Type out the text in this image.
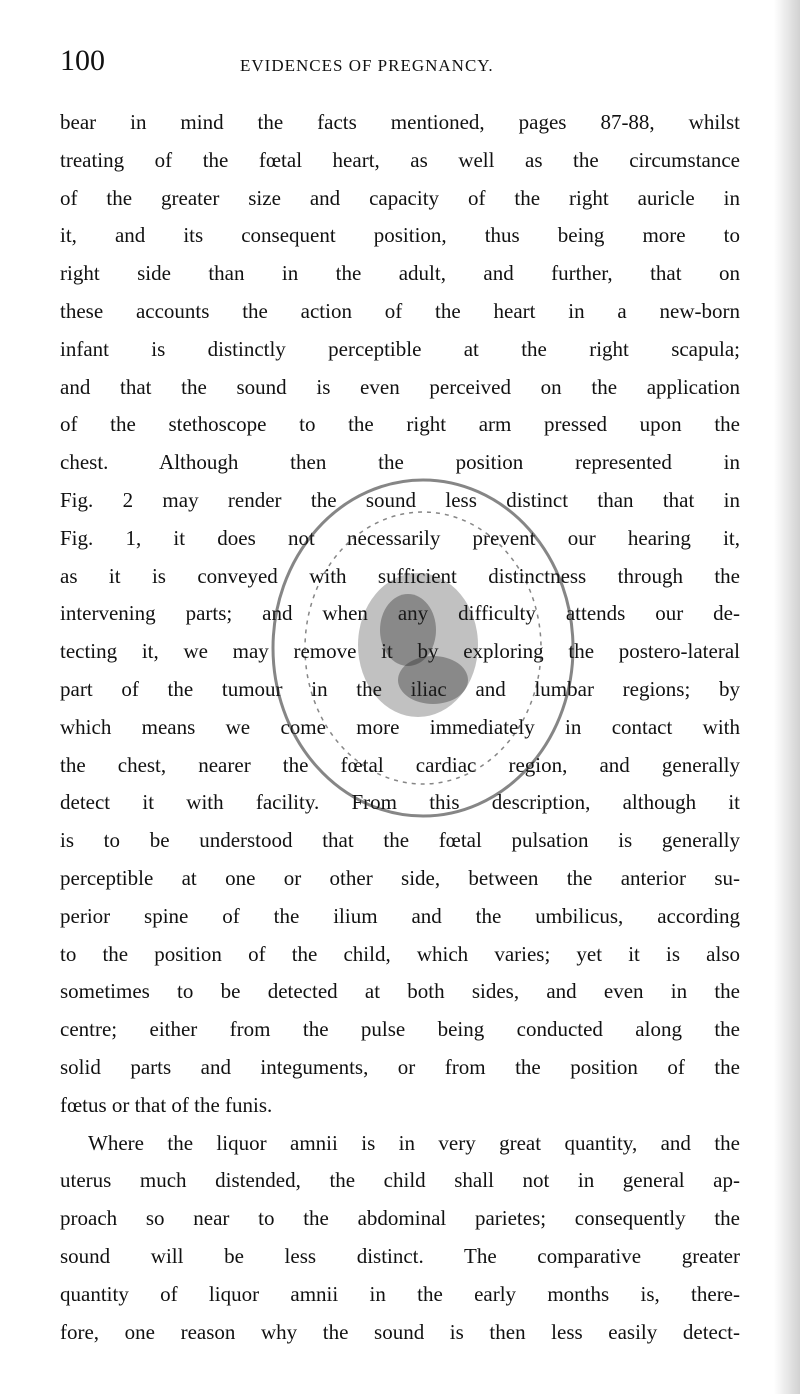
100	EVIDENCES OF PREGNANCY.
bear in mind the facts mentioned, pages 87-88, whilst
treating of the fœtal heart, as well as the circumstance
of the greater size and capacity of the right auricle in
it, and its consequent position, thus being more to
right side than in the adult, and further, that on
these accounts the action of the heart in a new-born
infant is distinctly perceptible at the right scapula;
and that the sound is even perceived on the application
of the stethoscope to the right arm pressed upon the
chest. Although then the position represented in
Fig. 2 may render the sound less distinct than that in
Fig. 1, it does not necessarily prevent our hearing it,
as it is conveyed with sufficient distinctness through the
intervening parts; and when any difficulty attends our de-
tecting it, we may remove it by exploring the postero-lateral
part of the tumour in the iliac and lumbar regions; by
which means we come more immediately in contact with
the chest, nearer the fœtal cardiac region, and generally
detect it with facility. From this description, although it
is to be understood that the fœtal pulsation is generally
perceptible at one or other side, between the anterior su-
perior spine of the ilium and the umbilicus, according
to the position of the child, which varies; yet it is also
sometimes to be detected at both sides, and even in the
centre; either from the pulse being conducted along the
solid parts and integuments, or from the position of the
fœtus or that of the funis.
Where the liquor amnii is in very great quantity, and the
uterus much distended, the child shall not in general ap-
proach so near to the abdominal parietes; consequently the
sound will be less distinct. The comparative greater
quantity of liquor amnii in the early months is, there-
fore, one reason why the sound is then less easily detect-
